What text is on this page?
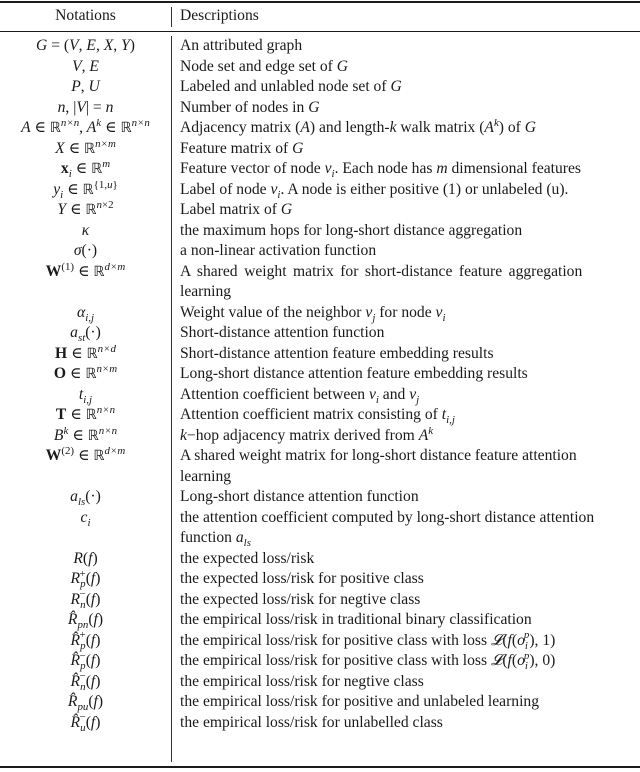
Notations	Descriptions
G = (V, E, X, Y)	An attributed graph
V, E	Node set and edge set of G
P, U	Labeled and unlabled node set of G
n, |V| = n	Number of nodes in G
A ∈ ℝ$^{n\times n}$, $A^k$ ∈ ℝ$^{n\times n}$	Adjacency matrix (A) and length-k walk matrix $(A^k)$ of G
X ∈ ℝ$^{n\times m}$	Feature matrix of G
$x_i$ ∈ ℝ$^m$	Feature vector of node $v_i$. Each node has m dimensional features
$y_i$ ∈ ℝ$^{\{1,u\}}$	Label of node $v_i$. A node is either positive (1) or unlabeled (u).
Y ∈ ℝ$^{n\times 2}$	Label matrix of G
κ	the maximum hops for long-short distance aggregation
σ(·)	a non-linear activation function
$W^{(1)}$ ∈ ℝ$^{d\times m}$	A shared weight matrix for short-distance feature aggregation
learning
$\alpha_{i,j}$	Weight value of the neighbor $v_j$ for node $v_i$
$a_{st}(\cdot)$	Short-distance attention function
H ∈ ℝ$^{n\times d}$	Short-distance attention feature embedding results
O ∈ ℝ$^{n\times m}$	Long-short distance attention feature embedding results
$t_{i,j}$	Attention coefficient between $v_i$ and $v_j$
T ∈ ℝ$^{n\times n}$	Attention coefficient matrix consisting of $t_{i,j}$
$B^k$ ∈ ℝ$^{n\times n}$	k−hop adjacency matrix derived from $A^k$
$W^{(2)}$ ∈ ℝ$^{d\times m}$	A shared weight matrix for long-short distance feature attention
learning
$a_{ls}(\cdot)$	Long-short distance attention function
$c_i$	the attention coefficient computed by long-short distance attention
function $a_{ls}$
R(f)	the expected loss/risk
$R_p^+(f)$	the expected loss/risk for positive class
$R_n^-(f)$	the expected loss/risk for negtive class
$R̂_{pn}(f)$	the empirical loss/risk in traditional binary classification
$R̂_p^+(f)$	the empirical loss/risk for positive class with loss $𝓛(f(o_i^p)$, 1)
$R̂_p^-(f)$	the empirical loss/risk for positive class with loss $𝓛(f(o_i^p)$, 0)
$R̂_n^-(f)$	the empirical loss/risk for negtive class
$R̂_{pu}(f)$	the empirical loss/risk for positive and unlabeled learning
$R̂_u^-(f)$	the empirical loss/risk for unlabelled class
